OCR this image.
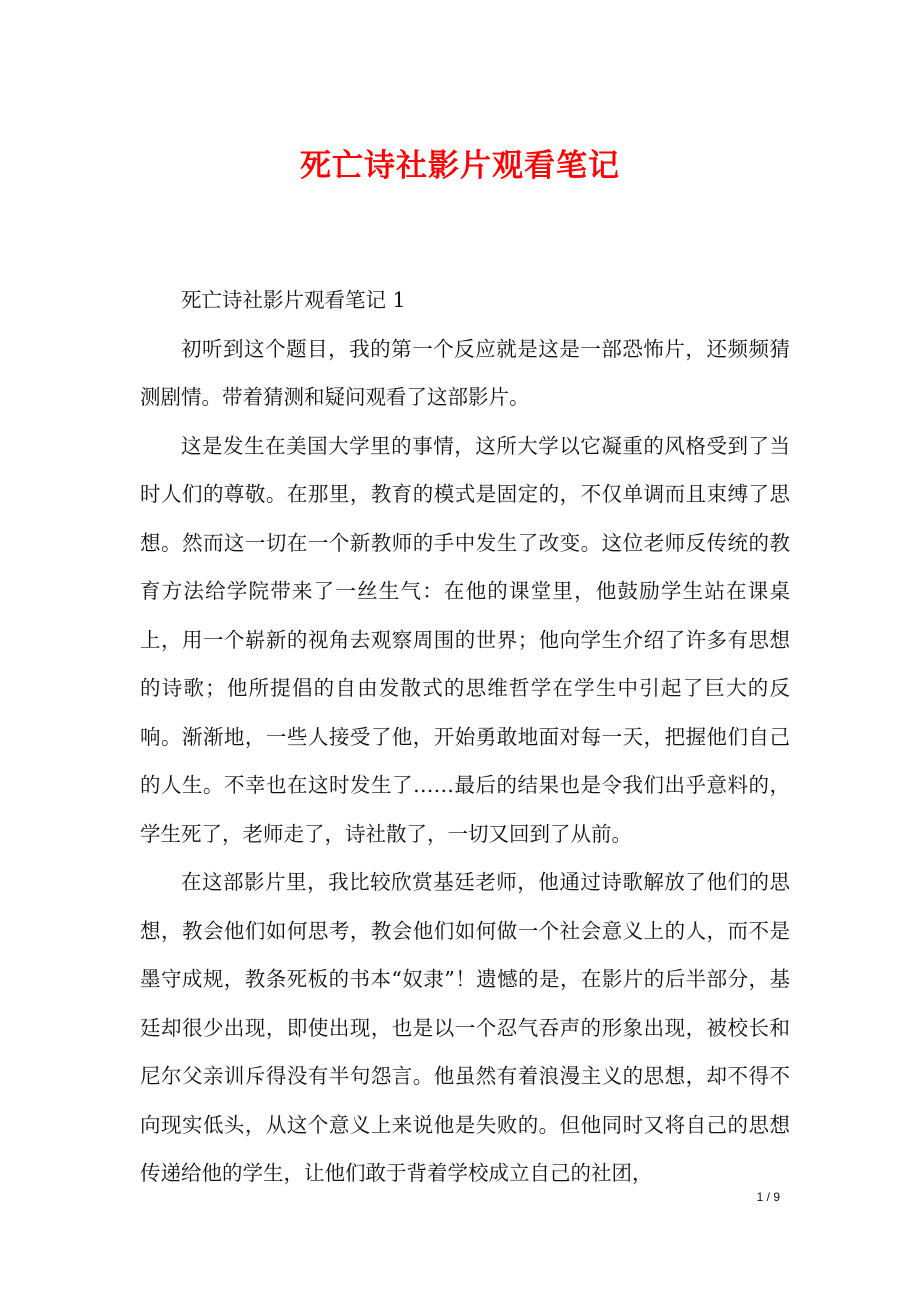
死亡诗社影片观看笔记

死亡诗社影片观看笔记 1

初听到这个题目，我的第一个反应就是这是一部恐怖片，还频频猜测剧情。带着猜测和疑问观看了这部影片。

这是发生在美国大学里的事情，这所大学以它凝重的风格受到了当时人们的尊敬。在那里，教育的模式是固定的，不仅单调而且束缚了思想。然而这一切在一个新教师的手中发生了改变。这位老师反传统的教育方法给学院带来了一丝生气：在他的课堂里，他鼓励学生站在课桌上，用一个崭新的视角去观察周围的世界；他向学生介绍了许多有思想的诗歌；他所提倡的自由发散式的思维哲学在学生中引起了巨大的反响。渐渐地，一些人接受了他，开始勇敢地面对每一天，把握他们自己的人生。不幸也在这时发生了……最后的结果也是令我们出乎意料的，学生死了，老师走了，诗社散了，一切又回到了从前。

在这部影片里，我比较欣赏基廷老师，他通过诗歌解放了他们的思想，教会他们如何思考，教会他们如何做一个社会意义上的人，而不是墨守成规，教条死板的书本“奴隶”！遗憾的是，在影片的后半部分，基廷却很少出现，即使出现，也是以一个忍气吞声的形象出现，被校长和尼尔父亲训斥得没有半句怨言。他虽然有着浪漫主义的思想，却不得不向现实低头，从这个意义上来说他是失败的。但他同时又将自己的思想传递给他的学生，让他们敢于背着学校成立自己的社团，

1 / 9
